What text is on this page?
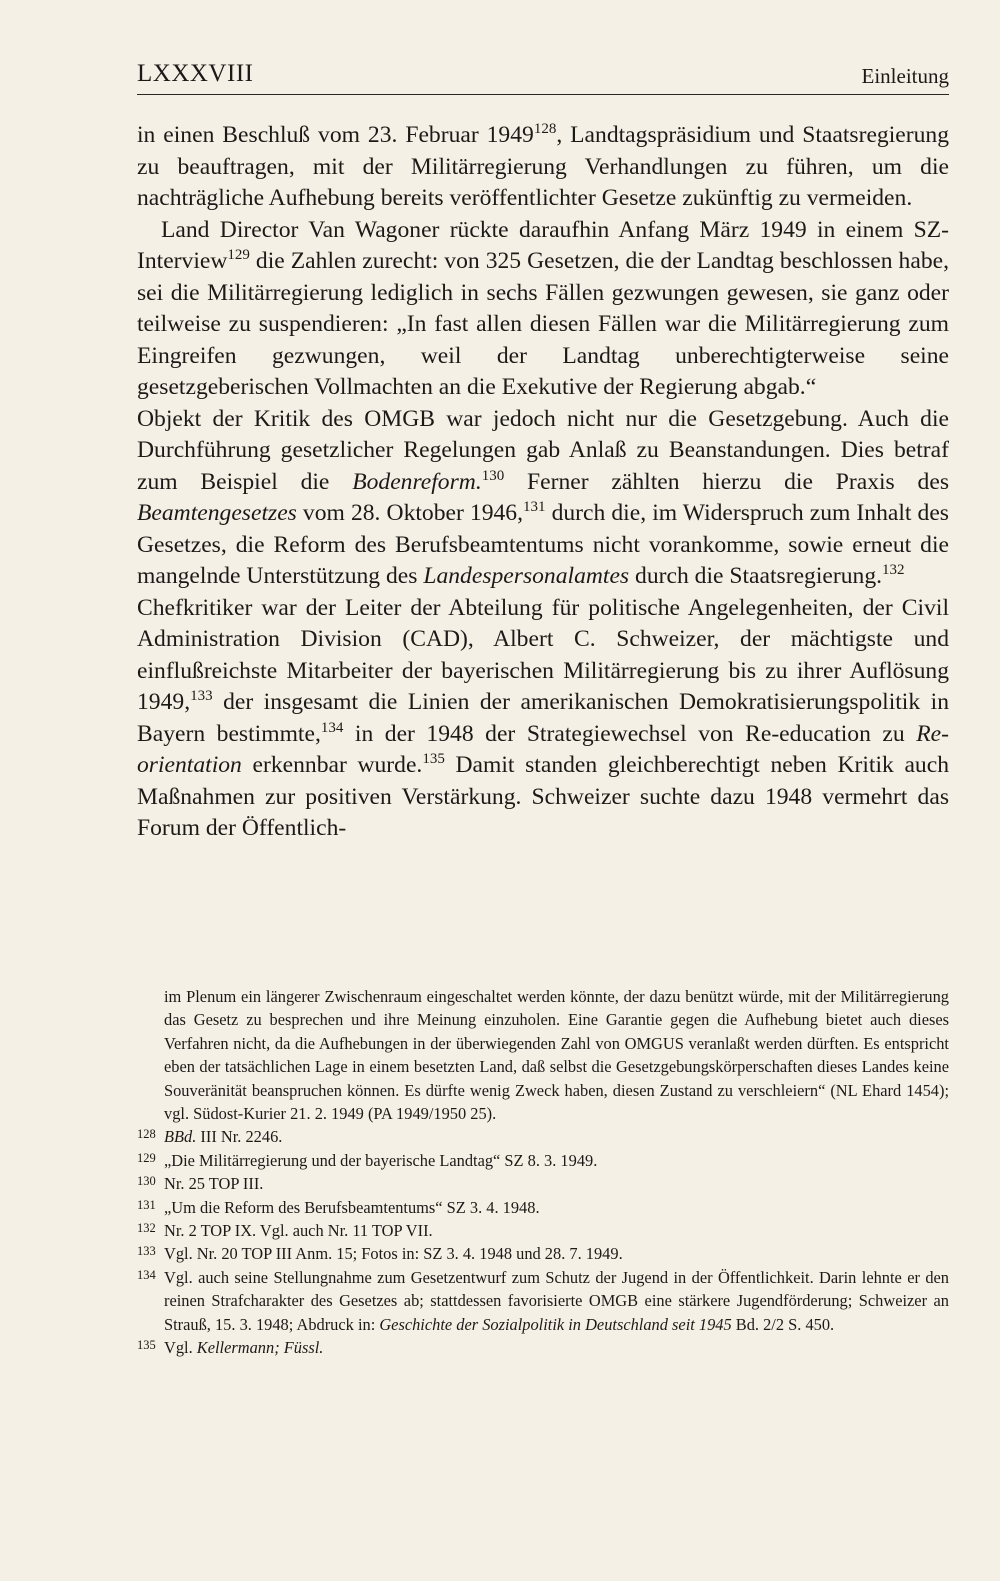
LXXXVIII	Einleitung

in einen Beschluß vom 23. Februar 1949$^{128}$, Landtagspräsidium und Staatsregierung zu beauftragen, mit der Militärregierung Verhandlungen zu führen, um die nachträgliche Aufhebung bereits veröffentlichter Gesetze zukünftig zu vermeiden.

Land Director Van Wagoner rückte daraufhin Anfang März 1949 in einem SZ-Interview$^{129}$ die Zahlen zurecht: von 325 Gesetzen, die der Landtag beschlossen habe, sei die Militärregierung lediglich in sechs Fällen gezwungen gewesen, sie ganz oder teilweise zu suspendieren: „In fast allen diesen Fällen war die Militärregierung zum Eingreifen gezwungen, weil der Landtag unberechtigterweise seine gesetzgeberischen Vollmachten an die Exekutive der Regierung abgab.“

Objekt der Kritik des OMGB war jedoch nicht nur die Gesetzgebung. Auch die Durchführung gesetzlicher Regelungen gab Anlaß zu Beanstandungen. Dies betraf zum Beispiel die Bodenreform.$^{130}$ Ferner zählten hierzu die Praxis des Beamtengesetzes vom 28. Oktober 1946,$^{131}$ durch die, im Widerspruch zum Inhalt des Gesetzes, die Reform des Berufsbeamtentums nicht vorankomme, sowie erneut die mangelnde Unterstützung des Landespersonalamtes durch die Staatsregierung.$^{132}$

Chefkritiker war der Leiter der Abteilung für politische Angelegenheiten, der Civil Administration Division (CAD), Albert C. Schweizer, der mächtigste und einflußreichste Mitarbeiter der bayerischen Militärregierung bis zu ihrer Auflösung 1949,$^{133}$ der insgesamt die Linien der amerikanischen Demokratisierungspolitik in Bayern bestimmte,$^{134}$ in der 1948 der Strategiewechsel von Re-education zu Re-orientation erkennbar wurde.$^{135}$ Damit standen gleichberechtigt neben Kritik auch Maßnahmen zur positiven Verstärkung. Schweizer suchte dazu 1948 vermehrt das Forum der Öffentlich-

im Plenum ein längerer Zwischenraum eingeschaltet werden könnte, der dazu benützt würde, mit der Militärregierung das Gesetz zu besprechen und ihre Meinung einzuholen. Eine Garantie gegen die Aufhebung bietet auch dieses Verfahren nicht, da die Aufhebungen in der überwiegenden Zahl von OMGUS veranlaßt werden dürften. Es entspricht eben der tatsächlichen Lage in einem besetzten Land, daß selbst die Gesetzgebungskörperschaften dieses Landes keine Souveränität beanspruchen können. Es dürfte wenig Zweck haben, diesen Zustand zu verschleiern“ (NL Ehard 1454); vgl. Südost-Kurier 21. 2. 1949 (PA 1949/1950 25).

128 BBd. III Nr. 2246.

129 „Die Militärregierung und der bayerische Landtag“ SZ 8. 3. 1949.

130 Nr. 25 TOP III.

131 „Um die Reform des Berufsbeamtentums“ SZ 3. 4. 1948.

132 Nr. 2 TOP IX. Vgl. auch Nr. 11 TOP VII.

133 Vgl. Nr. 20 TOP III Anm. 15; Fotos in: SZ 3. 4. 1948 und 28. 7. 1949.

134 Vgl. auch seine Stellungnahme zum Gesetzentwurf zum Schutz der Jugend in der Öffentlichkeit. Darin lehnte er den reinen Strafcharakter des Gesetzes ab; stattdessen favorisierte OMGB eine stärkere Jugendförderung; Schweizer an Strauß, 15. 3. 1948; Abdruck in: Geschichte der Sozialpolitik in Deutschland seit 1945 Bd. 2/2 S. 450.

135 Vgl. Kellermann; Füssl.
